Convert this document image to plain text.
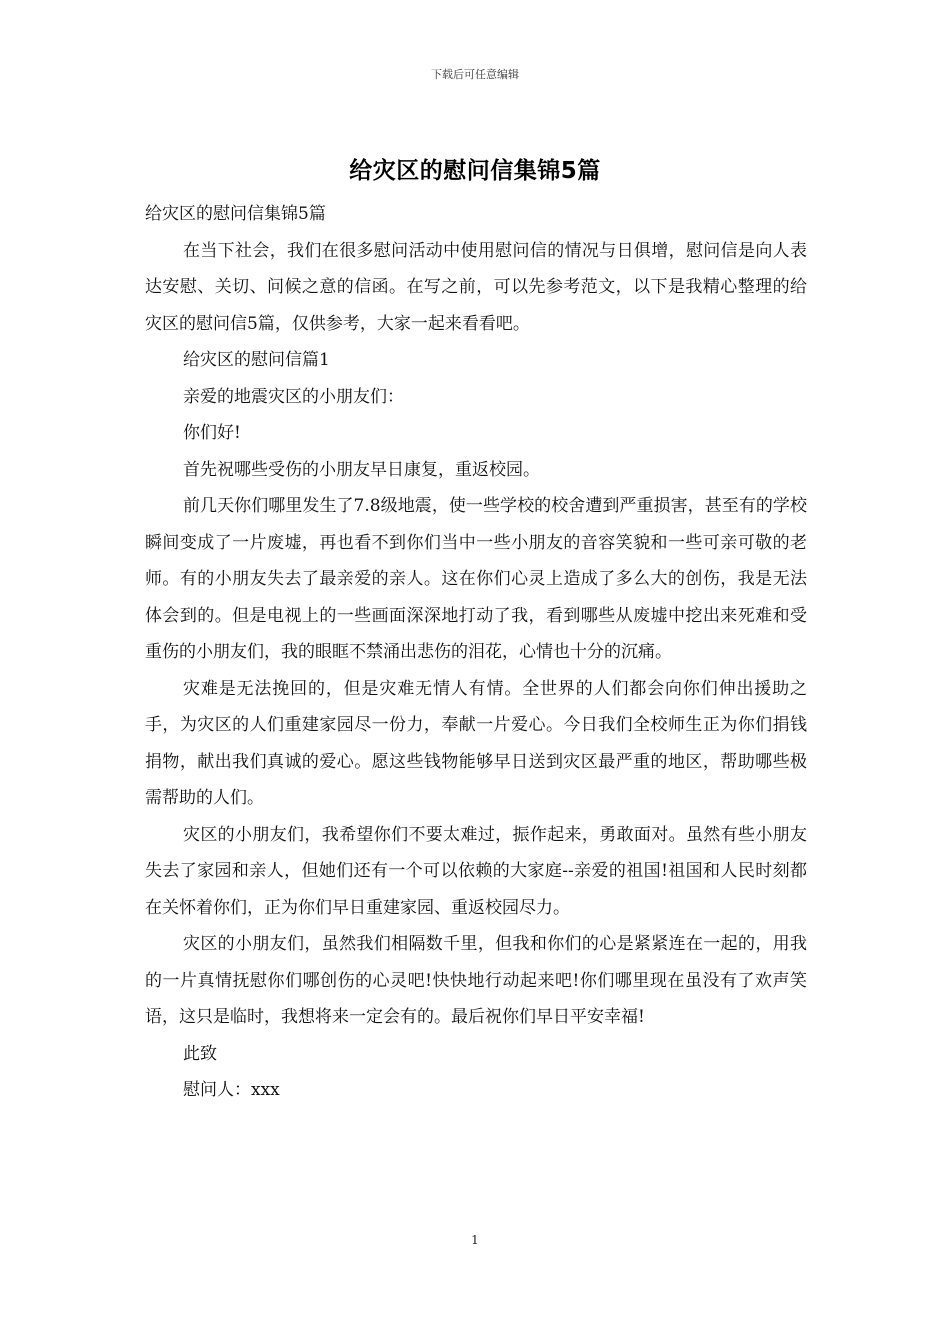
下载后可任意编辑
给灾区的慰问信集锦5篇

给灾区的慰问信集锦5篇

在当下社会，我们在很多慰问活动中使用慰问信的情况与日俱增，慰问信是向人表达安慰、关切、问候之意的信函。在写之前，可以先参考范文，以下是我精心整理的给灾区的慰问信5篇，仅供参考，大家一起来看看吧。

给灾区的慰问信篇1

亲爱的地震灾区的小朋友们：

你们好!

首先祝哪些受伤的小朋友早日康复，重返校园。

前几天你们哪里发生了7.8级地震，使一些学校的校舍遭到严重损害，甚至有的学校瞬间变成了一片废墟，再也看不到你们当中一些小朋友的音容笑貌和一些可亲可敬的老师。有的小朋友失去了最亲爱的亲人。这在你们心灵上造成了多么大的创伤，我是无法体会到的。但是电视上的一些画面深深地打动了我，看到哪些从废墟中挖出来死难和受重伤的小朋友们，我的眼眶不禁涌出悲伤的泪花，心情也十分的沉痛。

灾难是无法挽回的，但是灾难无情人有情。全世界的人们都会向你们伸出援助之手，为灾区的人们重建家园尽一份力，奉献一片爱心。今日我们全校师生正为你们捐钱捐物，献出我们真诚的爱心。愿这些钱物能够早日送到灾区最严重的地区，帮助哪些极需帮助的人们。

灾区的小朋友们，我希望你们不要太难过，振作起来，勇敢面对。虽然有些小朋友失去了家园和亲人，但她们还有一个可以依赖的大家庭--亲爱的祖国!祖国和人民时刻都在关怀着你们，正为你们早日重建家园、重返校园尽力。

灾区的小朋友们，虽然我们相隔数千里，但我和你们的心是紧紧连在一起的，用我的一片真情抚慰你们哪创伤的心灵吧!快快地行动起来吧!你们哪里现在虽没有了欢声笑语，这只是临时，我想将来一定会有的。最后祝你们早日平安幸福!

此致

慰问人：xxx

1
